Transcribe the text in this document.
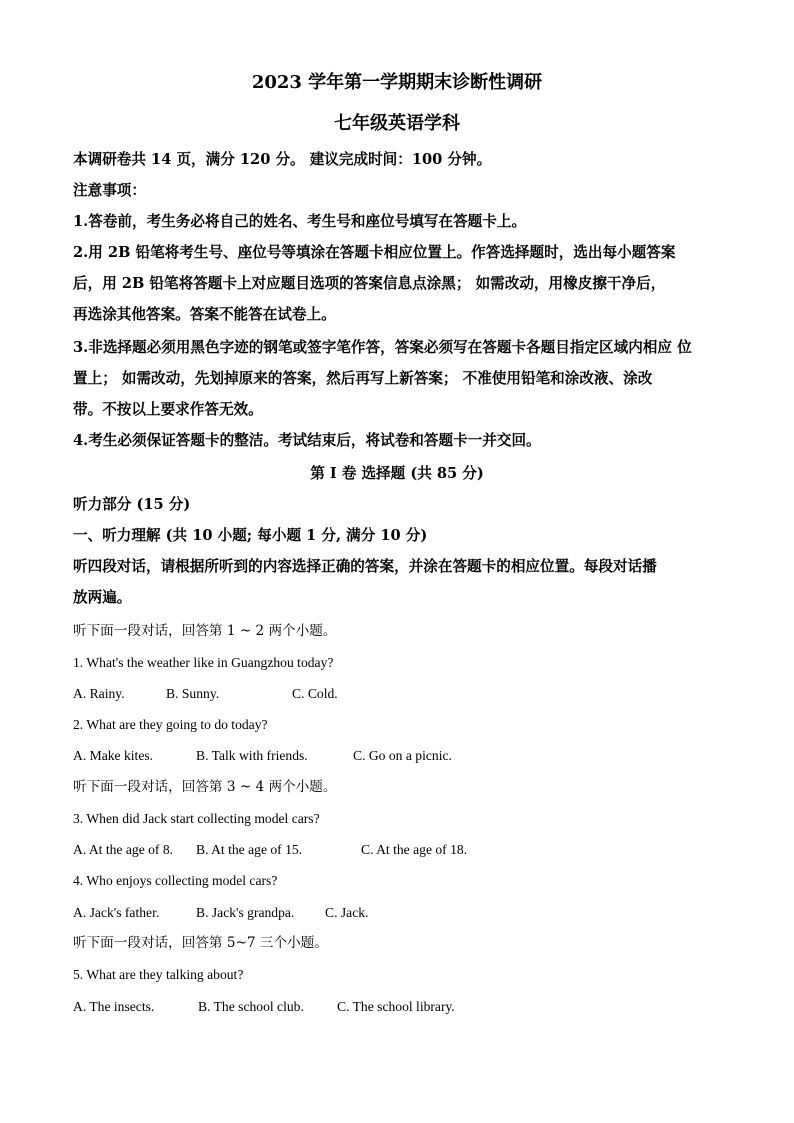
2023 学年第一学期期末诊断性调研
七年级英语学科
本调研卷共 14 页，满分 120 分。 建议完成时间：100 分钟。
注意事项：
1.答卷前，考生务必将自己的姓名、考生号和座位号填写在答题卡上。
2.用 2B 铅笔将考生号、座位号等填涂在答题卡相应位置上。作答选择题时，选出每小题答案
后，用 2B 铅笔将答题卡上对应题目选项的答案信息点涂黑； 如需改动，用橡皮擦干净后，
再选涂其他答案。答案不能答在试卷上。
3.非选择题必须用黑色字迹的钢笔或签字笔作答，答案必须写在答题卡各题目指定区域内相应 位
置上； 如需改动，先划掉原来的答案，然后再写上新答案； 不准使用铅笔和涂改液、涂改
带。不按以上要求作答无效。
4.考生必须保证答题卡的整洁。考试结束后，将试卷和答题卡一并交回。
第 I 卷 选择题 (共 85 分)
听力部分 (15 分)
一、听力理解 (共 10 小题; 每小题 1 分, 满分 10 分)
听四段对话，请根据所听到的内容选择正确的答案，并涂在答题卡的相应位置。每段对话播
放两遍。
听下面一段对话，回答第 1 ~ 2 两个小题。
1. What's the weather like in Guangzhou today?
A. Rainy.	B. Sunny.	C. Cold.
2. What are they going to do today?
A. Make kites.	B. Talk with friends.	C. Go on a picnic.
听下面一段对话，回答第 3 ~ 4 两个小题。
3. When did Jack start collecting model cars?
A. At the age of 8. B. At the age of 15.	C. At the age of 18.
4. Who enjoys collecting model cars?
A. Jack's father.	B. Jack's grandpa. C. Jack.
听下面一段对话，回答第 5~7 三个小题。
5. What are they talking about?
A. The insects.	B. The school club. C. The school library.
